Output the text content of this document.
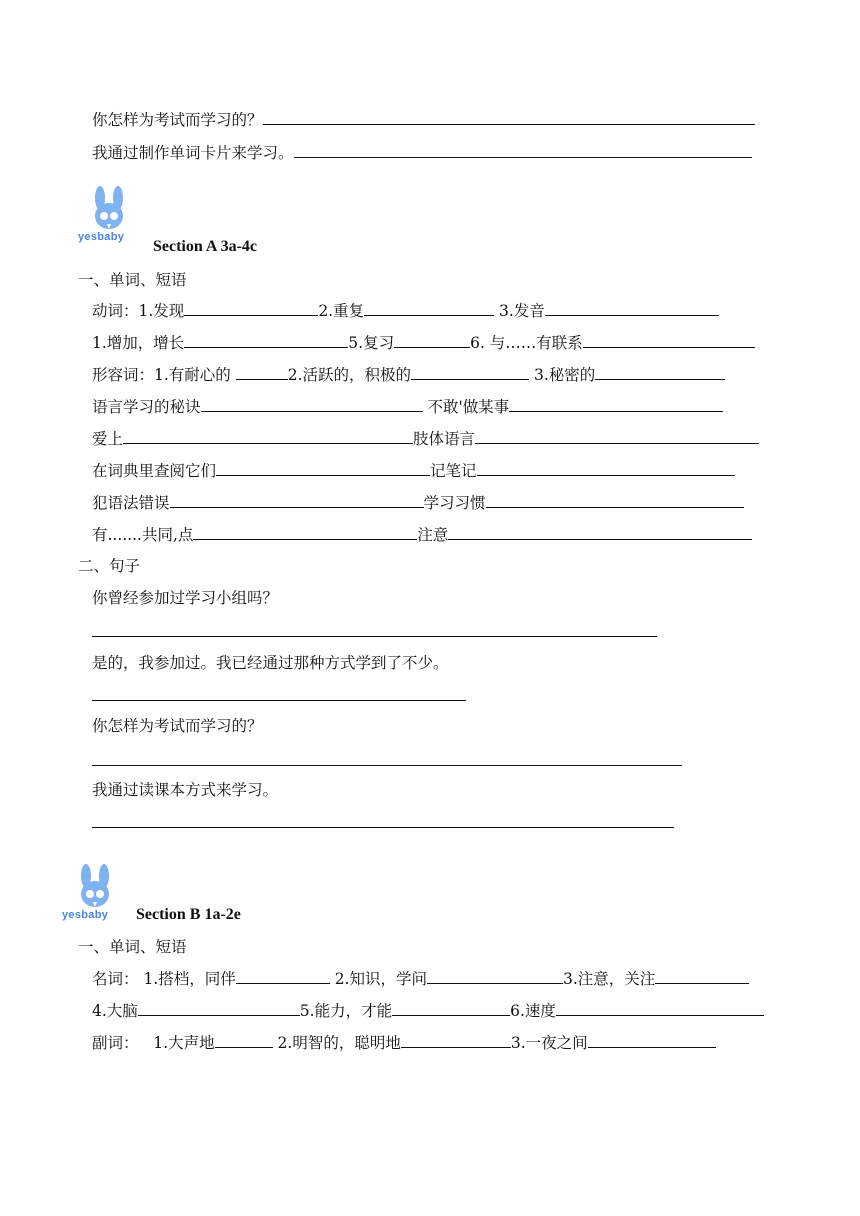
你怎样为考试而学习的？
我通过制作单词卡片来学习。
yesbaby
Section A 3a-4c
一、单词、短语
动词：1.发现	2.重复	3.发音
1.增加，增长	5.复习	6. 与……有联系
形容词：1.有耐心的	2.活跃的，积极的	3.秘密的
语言学习的秘诀	不敢'做某事
爱上	肢体语言
在词典里查阅它们	记笔记
犯语法错误	学习习惯
有.......共同,点	注意
二、句子
你曾经参加过学习小组吗？
是的，我参加过。我已经通过那种方式学到了不少。
你怎样为考试而学习的？
我通过读课本方式来学习。
yesbaby Section B 1a-2e
一、单词、短语
名词： 1.搭档，同伴	2.知识，学问	3.注意，关注
4.大脑	5.能力，才能	6.速度
副词： 1.大声地	2.明智的，聪明地	3.一夜之间
